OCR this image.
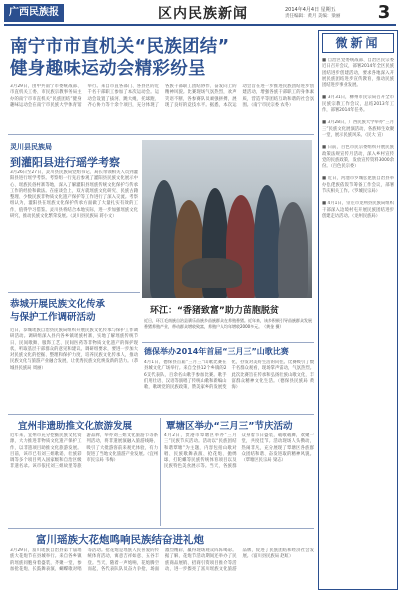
广西民族报	区内民族新闻	2014年4月4日 星期五
责任编辑：黄月 美编：梁丽 3
南宁市市直机关“民族团结”
健身趣味运动会精彩纷呈
3月29日，由中共南宁市委统战部、市直机关工委、市民族宗教事务局主办的南宁市市直机关“民族团结”健身趣味运动会在南宁市民族大学体育馆举行。来自市直各部门、各县区的近千名干部职工参加了本次运动会。运动会设置了拔河、跳大绳、托球跑、齐心协力等十余个项目，充分体现了各族干部职工团结协作、奋发向上的精神风貌。比赛现场气氛热烈，欢声笑语不断，各参赛队员顽强拼搏，展现了良好的竞技水平。据悉，本次运动会旨在进一步推进民族团结进步创建活动，增强各族干部职工的身体素质，营造平等团结互助和谐的社会氛围。（南宁市民宗委 农冬）
灵川县民族局
到灌阳县进行瑶学考察
3月26日至27日，灵川县民族局党组书记、局长带领相关人员到灌阳县进行瑶学考察。考察组一行先后参观了灌阳县民族文化展示中心、瑶族民俗村寨等地，深入了解灌阳县瑶族传统文化保护与传承工作的经验和做法。在座谈会上，双方就瑶族文化研究、民族古籍整理、少数民族非物质文化遗产保护等工作进行了深入交流。考察组认为，灌阳县在瑶族文化保护传承方面做了大量扎实有效的工作，值得学习借鉴。灵川县将结合本地实际，进一步加强瑶族文化研究，推动民族文化繁荣发展。（灵川县民族局 蒋小文）
恭城开展民族文化传承
与保护工作调研活动
近日，恭城瑶族自治县民族局组织开展民族文化传承与保护工作调研活动。调研组深入县内各乡镇瑶族村寨，实地了解瑶族传统节日、民间歌舞、服饰工艺、民间医药等非物质文化遗产的保护现状，听取基层干部群众的意见和建议。调研组要求，要进一步加大对民族文化的挖掘、整理和保护力度，培养民族文化传承人，推动民族文化与旅游产业融合发展，让优秀民族文化焕发新的活力。（恭城县民族局 周丽）
环江：“香猪致富”助力苗胞脱贫
近日，环江毛南族自治县驯乐苗族乡苗族群众在养殖香猪。近年来，该乡积极引导苗族群众发展香猪养殖产业，带动群众增收致富，养殖户人均年增收2000多元。（黄金 摄）
德保举办2014年首届“三月三”山歌比赛
4月1日，德保县首届“三月三”山歌比赛在县城文化广场举行。来自全县12个乡镇的26支代表队、百余名山歌手参加比赛。歌手们用壮语、汉语等演唱了传统山歌和新编山歌，歌颂党的民族政策，赞美家乡的发展变化，抒发对美好生活的向往。比赛吸引了数千名群众观看，现场掌声雷动，气氛热烈。此次比赛旨在传承和弘扬壮族山歌文化，丰富群众精神文化生活。（德保县民族局 黄海）
宜州非遗助推文化旅游发展
近年来，宜州市充分挖掘民族文化资源，大力推进非物质文化遗产保护工作，以非遗项目助推文化旅游发展。目前，该市已有刘三姐歌谣、壮族彩调等多个项目列入国家级和自治区级非遗名录。该市依托刘三姐故里等旅游品牌，举办刘三姐文化旅游节等系列活动，将非遗展演融入旅游线路，吸引了大批游客前来观光体验，有力促进了当地文化旅游产业发展。（宜州市民宗局 韦梅）
覃塘区举办“三月三”节庆活动
4月2日，贵港市覃塘区举办“三月三”民族节庆活动。活动以“民族团结 和谐覃塘”为主题，内容包括山歌对唱、民族歌舞表演、抢花炮、抛绣球、打陀螺等民族传统体育项目以及民族特色美食展示等。当天，各族群众身着节日盛装，载歌载舞，欢聚一堂，共度佳节。活动现场人头攒动，热闹非凡，充分展现了覃塘区各族群众团结和谐、奋发进取的精神风貌。（覃塘区民宗局 梁志）
富川瑶族大花炮鸣响民族结奋进礼炮
3月29日，富川瑶族自治县第十届瑶族大花炮节在县城举行。来自各乡镇的瑶族同胞身着盛装，齐聚一堂，参加抢花炮、长鼓舞表演、蝴蝶歌对唱等活动。抢花炮是瑶族人民喜爱的传统体育活动，寓意吉祥如意、五谷丰登。当天，随着一声炮响，花炮腾空而起，各代表队队员奋力争抢，场面激烈精彩，赢得现场观众阵阵喝彩。据了解，花炮节活动期间还举办了民族商品展销、招商引资项目推介等活动，进一步擦亮了富川瑶族文化旅游品牌，促进了民族团结和经济社会发展。（富川县民族局 赵虹）
微新闻
■ 自治区党委统战部、自治区民宗委近日召开会议，部署2014年全区民族团结进步创建活动，要求各地深入开展民族团结进步宣传教育，推动民族团结进步事业发展。
■ 3月31日，柳州市民宗局召开全市民族宗教工作会议，总结2013年工作，部署2014年任务。
■ 3月28日，广西民族大学举办“三月三”民族文化展演活动，各族师生欢聚一堂，展示民族风采。（民大 宣）
■ 日前，百色市民宗委组织开展民族政策法规宣传月活动，深入乡村宣传党的民族政策，发放宣传资料3000余份。（百色民宗委）
■ 近日，河池市罗城仫佬族自治县举办仫佬族依饭节筹备工作会议，部署节庆相关工作。（罗城民宗局）
■ 4月1日，崇左市龙州县民族局组织干部深入边境村屯开展民族团结进步创建走访活动。（龙州民族局）
